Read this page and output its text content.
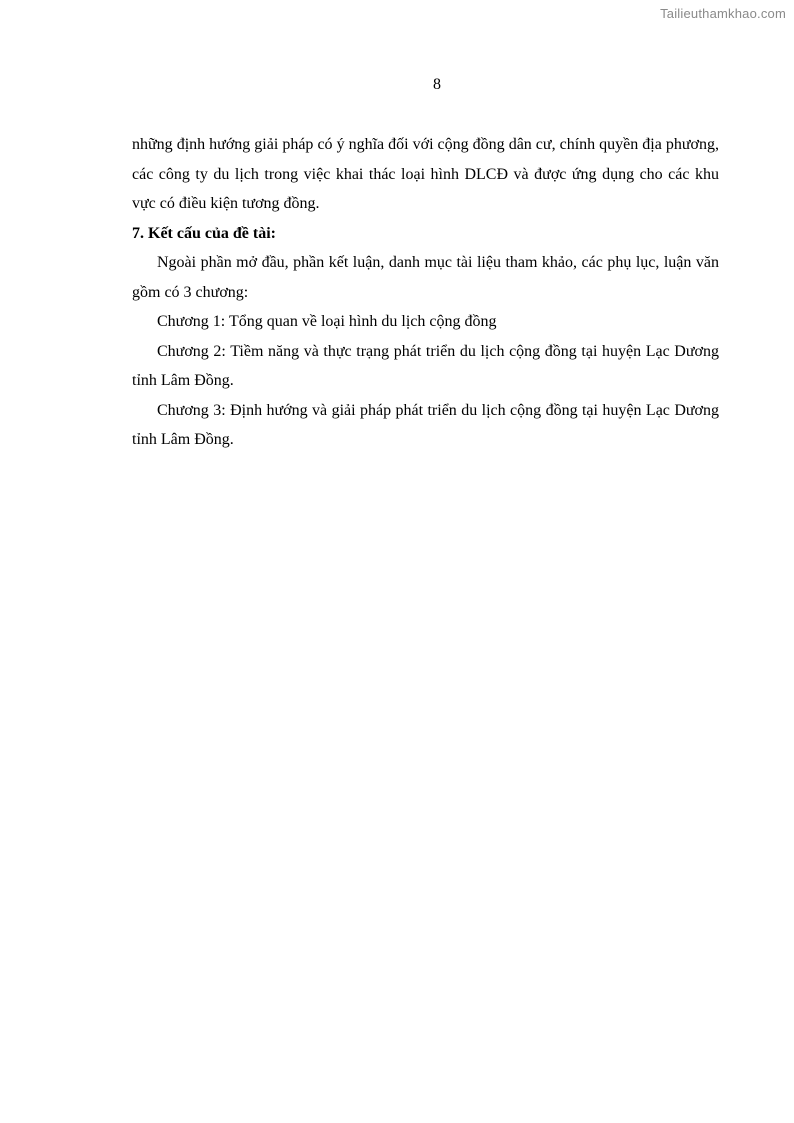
Tailieuthamkhao.com
8

những định hướng giải pháp có ý nghĩa đối với cộng đồng dân cư, chính quyền địa phương, các công ty du lịch trong việc khai thác loại hình DLCĐ và được ứng dụng cho các khu vực có điều kiện tương đồng.

7. Kết cấu của đề tài:

Ngoài phần mở đầu, phần kết luận, danh mục tài liệu tham khảo, các phụ lục, luận văn gồm có 3 chương:

Chương 1: Tổng quan về loại hình du lịch cộng đồng

Chương 2: Tiềm năng và thực trạng phát triển du lịch cộng đồng tại huyện Lạc Dương tỉnh Lâm Đồng.

Chương 3: Định hướng và giải pháp phát triển du lịch cộng đồng tại huyện Lạc Dương tỉnh Lâm Đồng.
